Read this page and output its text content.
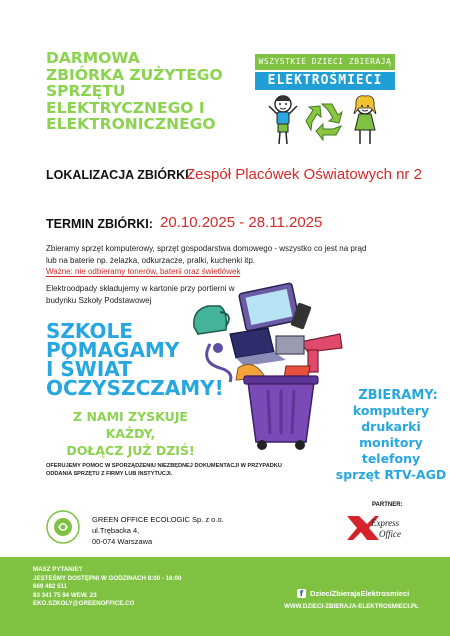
DARMOWA
ZBIÓRKA ZUŻYTEGO
SPRZĘTU
ELEKTRYCZNEGO I
ELEKTRONICZNEGO
WSZYSTKIE DZIECI ZBIERAJĄ
ELEKTROŚMIECI
LOKALIZACJA ZBIÓRKI:
Zespół Placówek Oświatowych nr 2
TERMIN ZBIÓRKI: 20.10.2025 - 28.11.2025
Zbieramy sprzęt komputerowy, sprzęt gospodarstwa domowego - wszystko co jest na prąd lub na baterie np. żelazka, odkurzacze, pralki, kuchenki itp.
Ważne: nie odbieramy tonerów, baterii oraz świetlówek
Elektroodpady składujemy w kartonie przy portierni w budynku Szkoły Podstawowej
SZKOLE
POMAGAMY
I ŚWIAT
OCZYSZCZAMY!
Z NAMI ZYSKUJE KAŻDY,
DOŁĄCZ JUŻ DZIŚ!
ZBIERAMY:
komputery
drukarki
monitory
telefony
sprzęt RTV-AGD
OFERUJEMY POMOC W SPORZĄDZENIU NIEZBĘDNEJ DOKUMENTACJI W PRZYPADKU ODDANIA SPRZĘTU Z FIRMY LUB INSTYTUCJI.
GREEN OFFICE ECOLOGIC Sp. z o.o.
ul.Trębacka 4,
00-074 Warszawa
PARTNER:
Express
Office
MASZ PYTANIE?
JESTEŚMY DOSTĘPNI W GODZINACH 8:00 - 16:00
669 482 511
83 341 75 94 WEW. 23
EKO.SZKOLY@GREENOFFICE.CO
f DzieciZbierajaElektrosmieci
WWW.DZIECI-ZBIERAJA-ELEKTROSMIECI.PL
